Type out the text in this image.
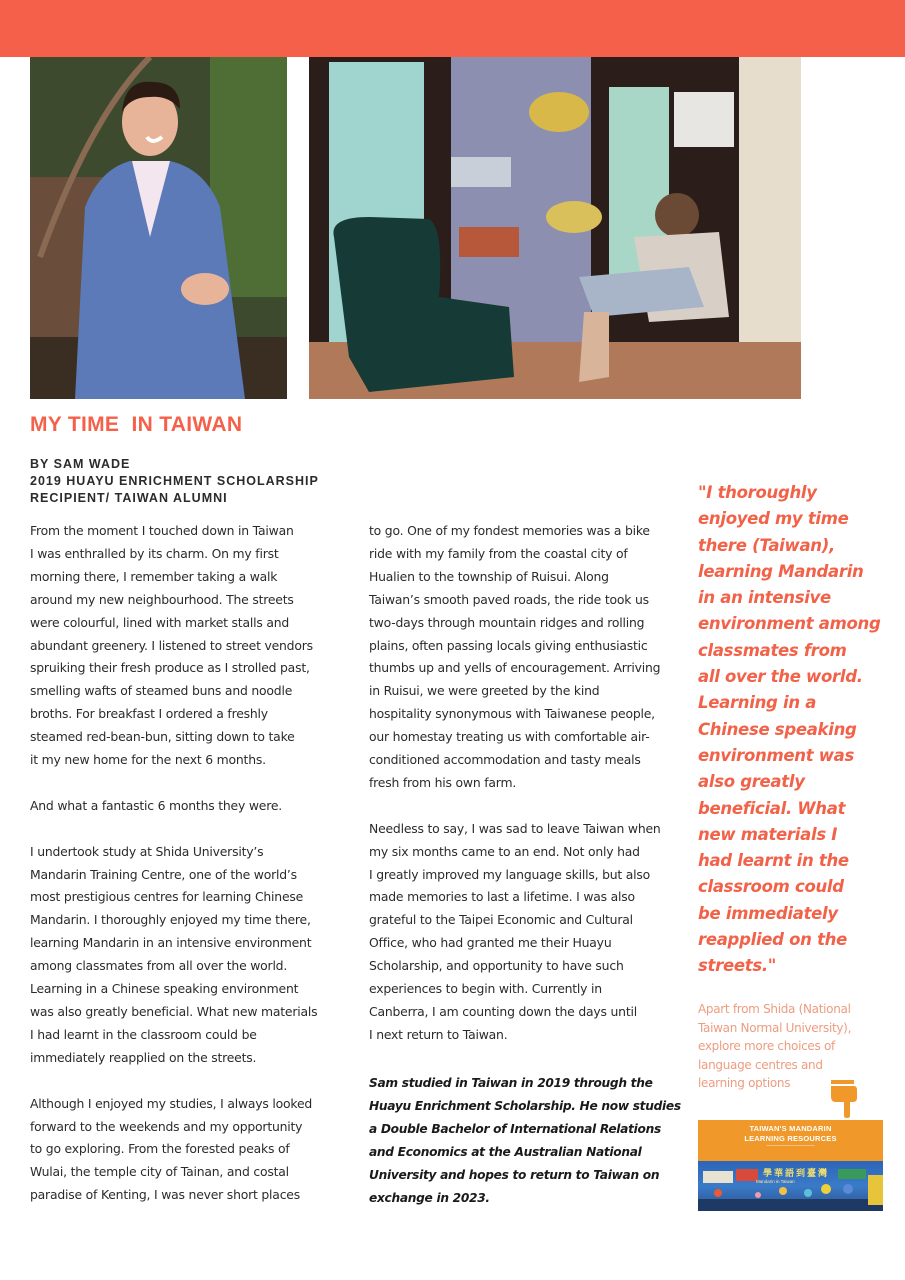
MY TIME  IN TAIWAN
BY SAM WADE
2019 HUAYU ENRICHMENT SCHOLARSHIP
RECIPIENT/ TAIWAN ALUMNI

From the moment I touched down in Taiwan

I was enthralled by its charm. On my first

morning there, I remember taking a walk

around my new neighbourhood. The streets

were colourful, lined with market stalls and

abundant greenery. I listened to street vendors

spruiking their fresh produce as I strolled past,

smelling wafts of steamed buns and noodle

broths. For breakfast I ordered a freshly

steamed red-bean-bun, sitting down to take

it my new home for the next 6 months.

And what a fantastic 6 months they were.

I undertook study at Shida University’s

Mandarin Training Centre, one of the world’s

most prestigious centres for learning Chinese

Mandarin. I thoroughly enjoyed my time there,

learning Mandarin in an intensive environment

among classmates from all over the world.

Learning in a Chinese speaking environment

was also greatly beneficial. What new materials

I had learnt in the classroom could be

immediately reapplied on the streets.

Although I enjoyed my studies, I always looked

forward to the weekends and my opportunity

to go exploring. From the forested peaks of

Wulai, the temple city of Tainan, and costal

paradise of Kenting, I was never short places

to go. One of my fondest memories was a bike

ride with my family from the coastal city of

Hualien to the township of Ruisui. Along

Taiwan’s smooth paved roads, the ride took us

two-days through mountain ridges and rolling

plains, often passing locals giving enthusiastic

thumbs up and yells of encouragement. Arriving

in Ruisui, we were greeted by the kind

hospitality synonymous with Taiwanese people,

our homestay treating us with comfortable air-

conditioned accommodation and tasty meals

fresh from his own farm.

Needless to say, I was sad to leave Taiwan when

my six months came to an end. Not only had

I greatly improved my language skills, but also

made memories to last a lifetime. I was also

grateful to the Taipei Economic and Cultural

Office, who had granted me their Huayu

Scholarship, and opportunity to have such

experiences to begin with. Currently in

Canberra, I am counting down the days until

I next return to Taiwan.

Sam studied in Taiwan in 2019 through the

Huayu Enrichment Scholarship. He now studies

a Double Bachelor of International Relations

and Economics at the Australian National

University and hopes to return to Taiwan on

exchange in 2023.

"I thoroughly

enjoyed my time

there (Taiwan),

learning Mandarin

in an intensive

environment among

classmates from

all over the world.

Learning in a

Chinese speaking

environment was

also greatly

beneficial. What

new materials I

had learnt in the

classroom could

be immediately

reapplied on the

streets."

Apart from Shida (National

Taiwan Normal University),

explore more choices of

language centres and

learning options

TAIWAN'S MANDARIN
LEARNING RESOURCES
學華語到臺灣
Mandarin in Taiwan
